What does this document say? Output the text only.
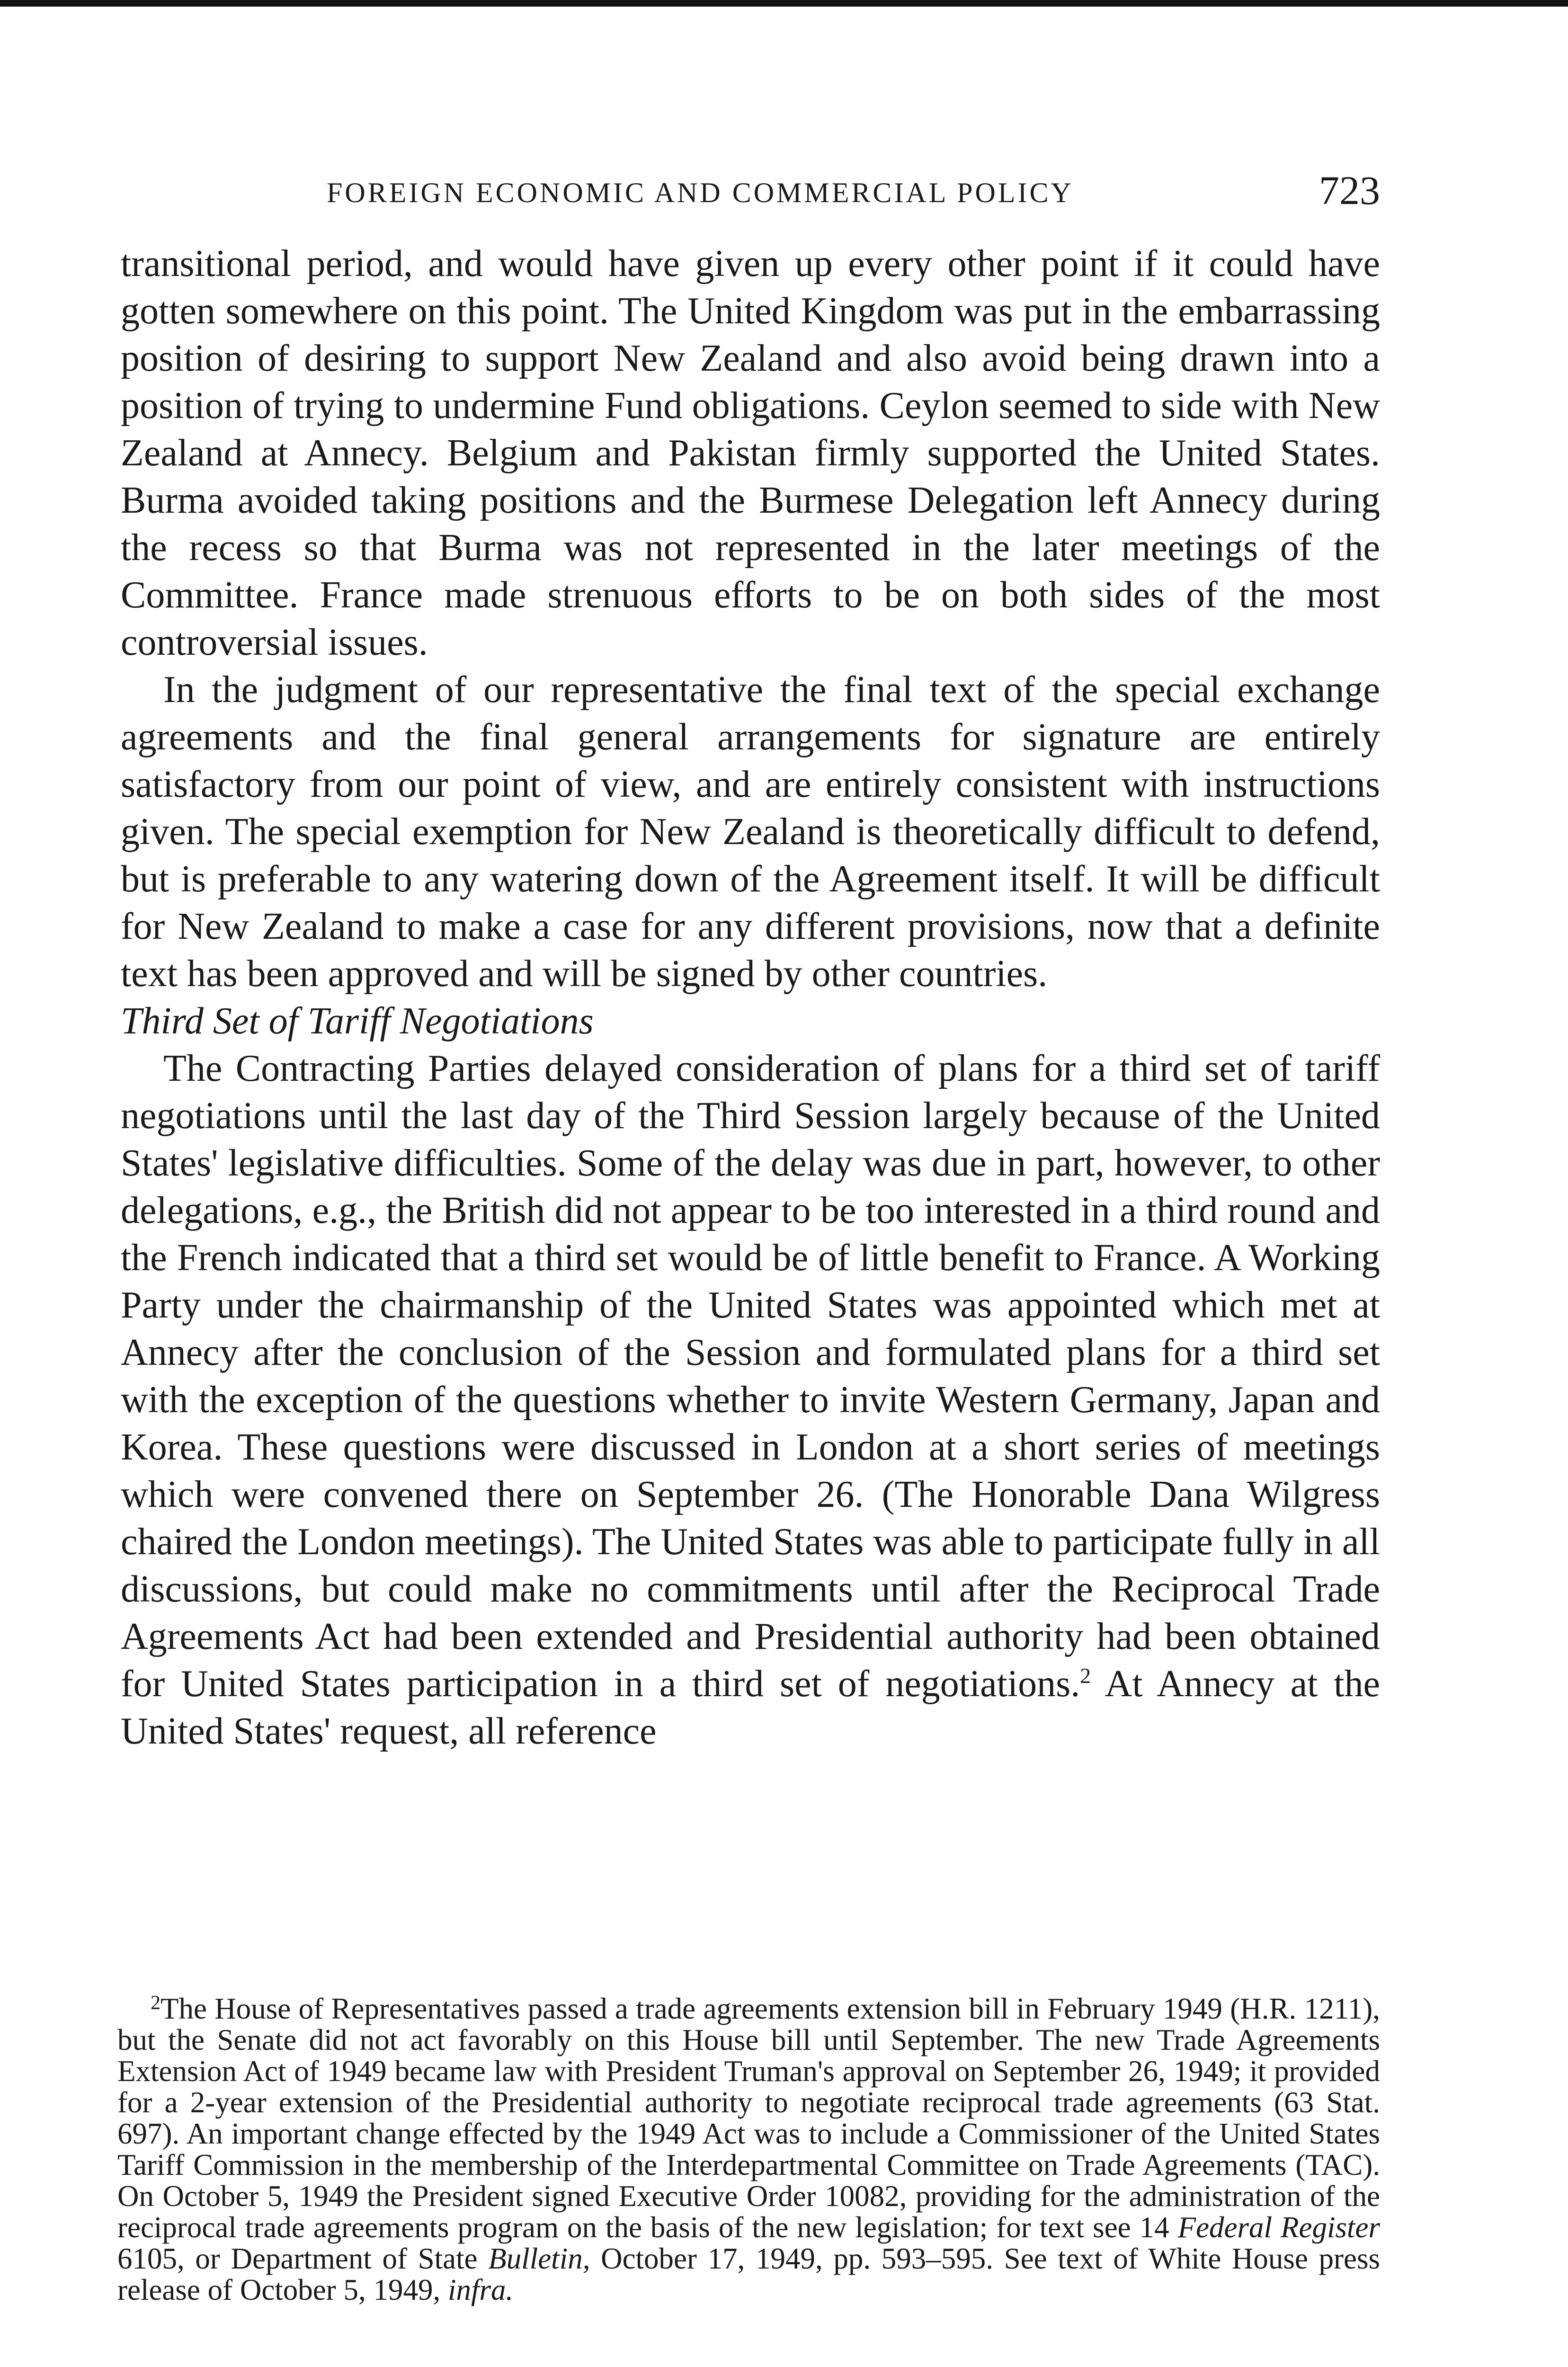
FOREIGN ECONOMIC AND COMMERCIAL POLICY	723

transitional period, and would have given up every other point if it could have gotten somewhere on this point. The United Kingdom was put in the embarrassing position of desiring to support New Zealand and also avoid being drawn into a position of trying to undermine Fund obligations. Ceylon seemed to side with New Zealand at Annecy. Belgium and Pakistan firmly supported the United States. Burma avoided taking positions and the Burmese Delegation left Annecy during the recess so that Burma was not represented in the later meetings of the Committee. France made strenuous efforts to be on both sides of the most controversial issues.

In the judgment of our representative the final text of the special exchange agreements and the final general arrangements for signature are entirely satisfactory from our point of view, and are entirely consistent with instructions given. The special exemption for New Zealand is theoretically difficult to defend, but is preferable to any watering down of the Agreement itself. It will be difficult for New Zealand to make a case for any different provisions, now that a definite text has been approved and will be signed by other countries.

Third Set of Tariff Negotiations

The Contracting Parties delayed consideration of plans for a third set of tariff negotiations until the last day of the Third Session largely because of the United States' legislative difficulties. Some of the delay was due in part, however, to other delegations, e.g., the British did not appear to be too interested in a third round and the French indicated that a third set would be of little benefit to France. A Working Party under the chairmanship of the United States was appointed which met at Annecy after the conclusion of the Session and formulated plans for a third set with the exception of the questions whether to invite Western Germany, Japan and Korea. These questions were discussed in London at a short series of meetings which were convened there on September 26. (The Honorable Dana Wilgress chaired the London meetings). The United States was able to participate fully in all discussions, but could make no commitments until after the Reciprocal Trade Agreements Act had been extended and Presidential authority had been obtained for United States participation in a third set of negotiations.$^2$ At Annecy at the United States' request, all reference

$^2$The House of Representatives passed a trade agreements extension bill in February 1949 (H.R. 1211), but the Senate did not act favorably on this House bill until September. The new Trade Agreements Extension Act of 1949 became law with President Truman's approval on September 26, 1949; it provided for a 2-year extension of the Presidential authority to negotiate reciprocal trade agreements (63 Stat. 697). An important change effected by the 1949 Act was to include a Commissioner of the United States Tariff Commission in the membership of the Interdepartmental Committee on Trade Agreements (TAC). On October 5, 1949 the President signed Executive Order 10082, providing for the administration of the reciprocal trade agreements program on the basis of the new legislation; for text see 14 Federal Register 6105, or Department of State Bulletin, October 17, 1949, pp. 593–595. See text of White House press release of October 5, 1949, infra.
